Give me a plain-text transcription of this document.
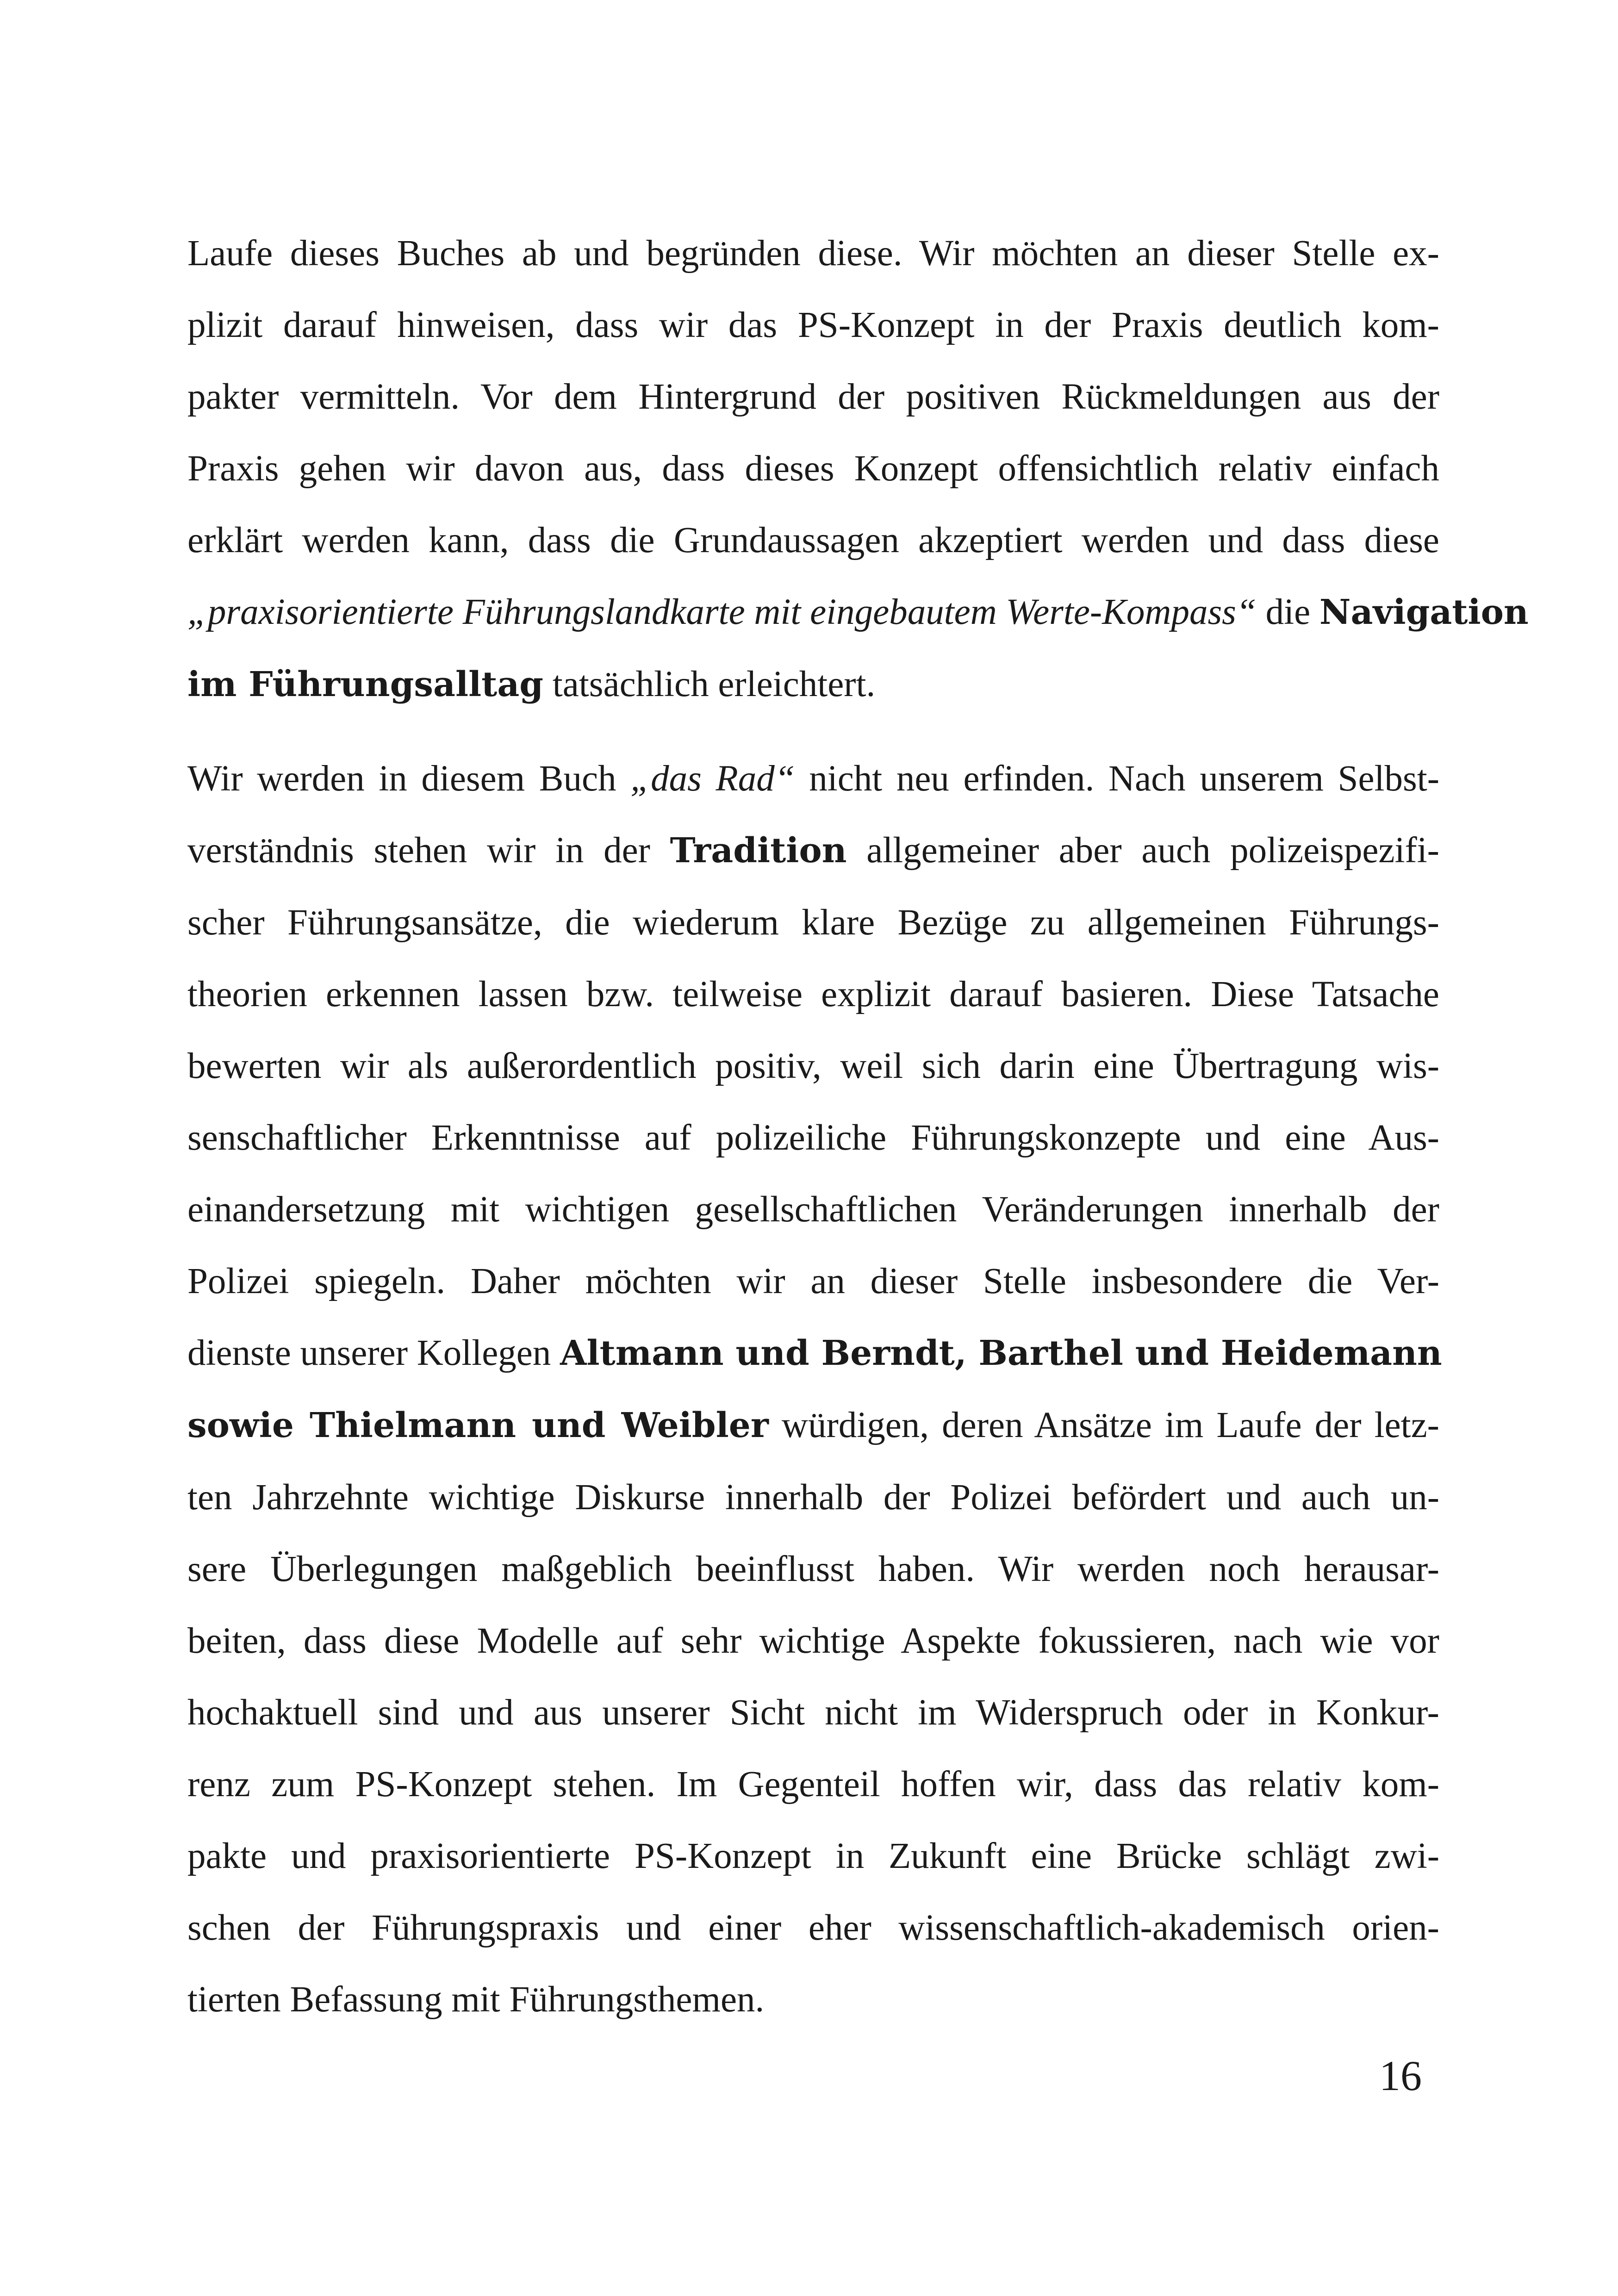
Laufe dieses Buches ab und begründen diese. Wir möchten an dieser Stelle ex-
plizit darauf hinweisen, dass wir das PS-Konzept in der Praxis deutlich kom-
pakter vermitteln. Vor dem Hintergrund der positiven Rückmeldungen aus der
Praxis gehen wir davon aus, dass dieses Konzept offensichtlich relativ einfach
erklärt werden kann, dass die Grundaussagen akzeptiert werden und dass diese
„praxisorientierte Führungslandkarte mit eingebautem Werte-Kompass“ die Navigation
im Führungsalltag tatsächlich erleichtert.

Wir werden in diesem Buch „das Rad“ nicht neu erfinden. Nach unserem Selbst-
verständnis stehen wir in der Tradition allgemeiner aber auch polizeispezifi-
scher Führungsansätze, die wiederum klare Bezüge zu allgemeinen Führungs-
theorien erkennen lassen bzw. teilweise explizit darauf basieren. Diese Tatsache
bewerten wir als außerordentlich positiv, weil sich darin eine Übertragung wis-
senschaftlicher Erkenntnisse auf polizeiliche Führungskonzepte und eine Aus-
einandersetzung mit wichtigen gesellschaftlichen Veränderungen innerhalb der
Polizei spiegeln. Daher möchten wir an dieser Stelle insbesondere die Ver-
dienste unserer Kollegen Altmann und Berndt, Barthel und Heidemann
sowie Thielmann und Weibler würdigen, deren Ansätze im Laufe der letz-
ten Jahrzehnte wichtige Diskurse innerhalb der Polizei befördert und auch un-
sere Überlegungen maßgeblich beeinflusst haben. Wir werden noch herausar-
beiten, dass diese Modelle auf sehr wichtige Aspekte fokussieren, nach wie vor
hochaktuell sind und aus unserer Sicht nicht im Widerspruch oder in Konkur-
renz zum PS-Konzept stehen. Im Gegenteil hoffen wir, dass das relativ kom-
pakte und praxisorientierte PS-Konzept in Zukunft eine Brücke schlägt zwi-
schen der Führungspraxis und einer eher wissenschaftlich-akademisch orien-
tierten Befassung mit Führungsthemen.

16
